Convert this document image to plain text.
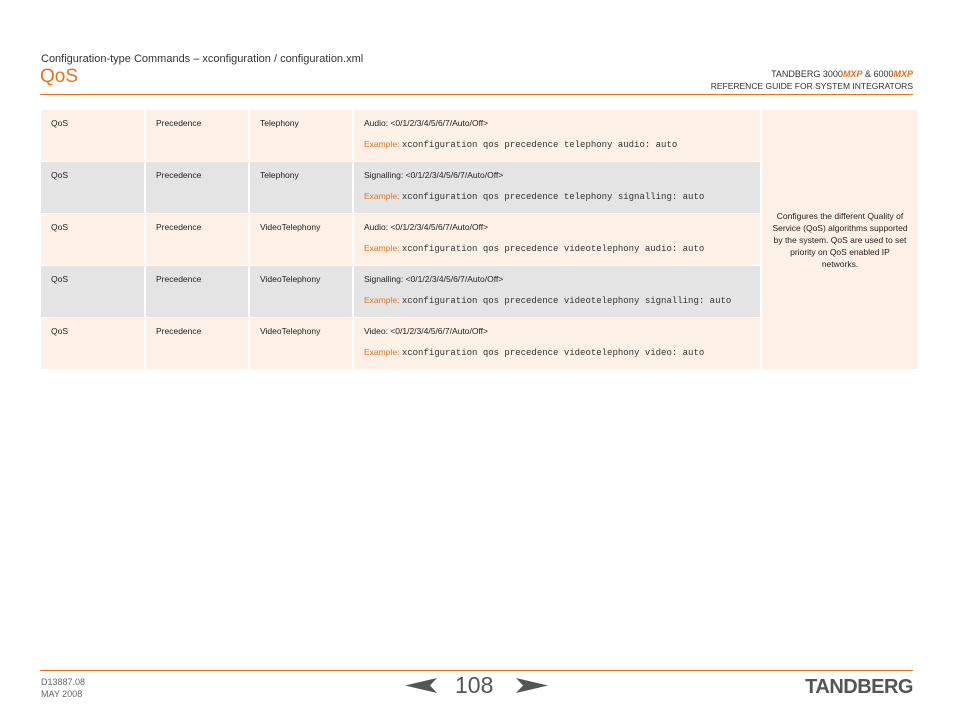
Configuration-type Commands – xconfiguration / configuration.xml
QoS	TANDBERG 3000MXP & 6000MXP
REFERENCE GUIDE FOR SYSTEM INTEGRATORS
QoS	Precedence	Telephony	Audio: <0/1/2/3/4/5/6/7/Auto/Off>
Example: xconfiguration qos precedence telephony audio: auto	Configures the different Quality of Service (QoS) algorithms supported by the system. QoS are used to set priority on QoS enabled IP networks.
QoS	Precedence	Telephony	Signalling: <0/1/2/3/4/5/6/7/Auto/Off>
Example: xconfiguration qos precedence telephony signalling: auto	

QoS	Precedence	VideoTelephony	Audio: <0/1/2/3/4/5/6/7/Auto/Off>
Example: xconfiguration qos precedence videotelephony audio: auto	

QoS	Precedence	VideoTelephony	Signalling: <0/1/2/3/4/5/6/7/Auto/Off>
Example: xconfiguration qos precedence videotelephony signalling: auto	

QoS	Precedence	VideoTelephony	Video: <0/1/2/3/4/5/6/7/Auto/Off>
Example: xconfiguration qos precedence videotelephony video: auto	
D13887.08
MAY 2008	108	TANDBERG
